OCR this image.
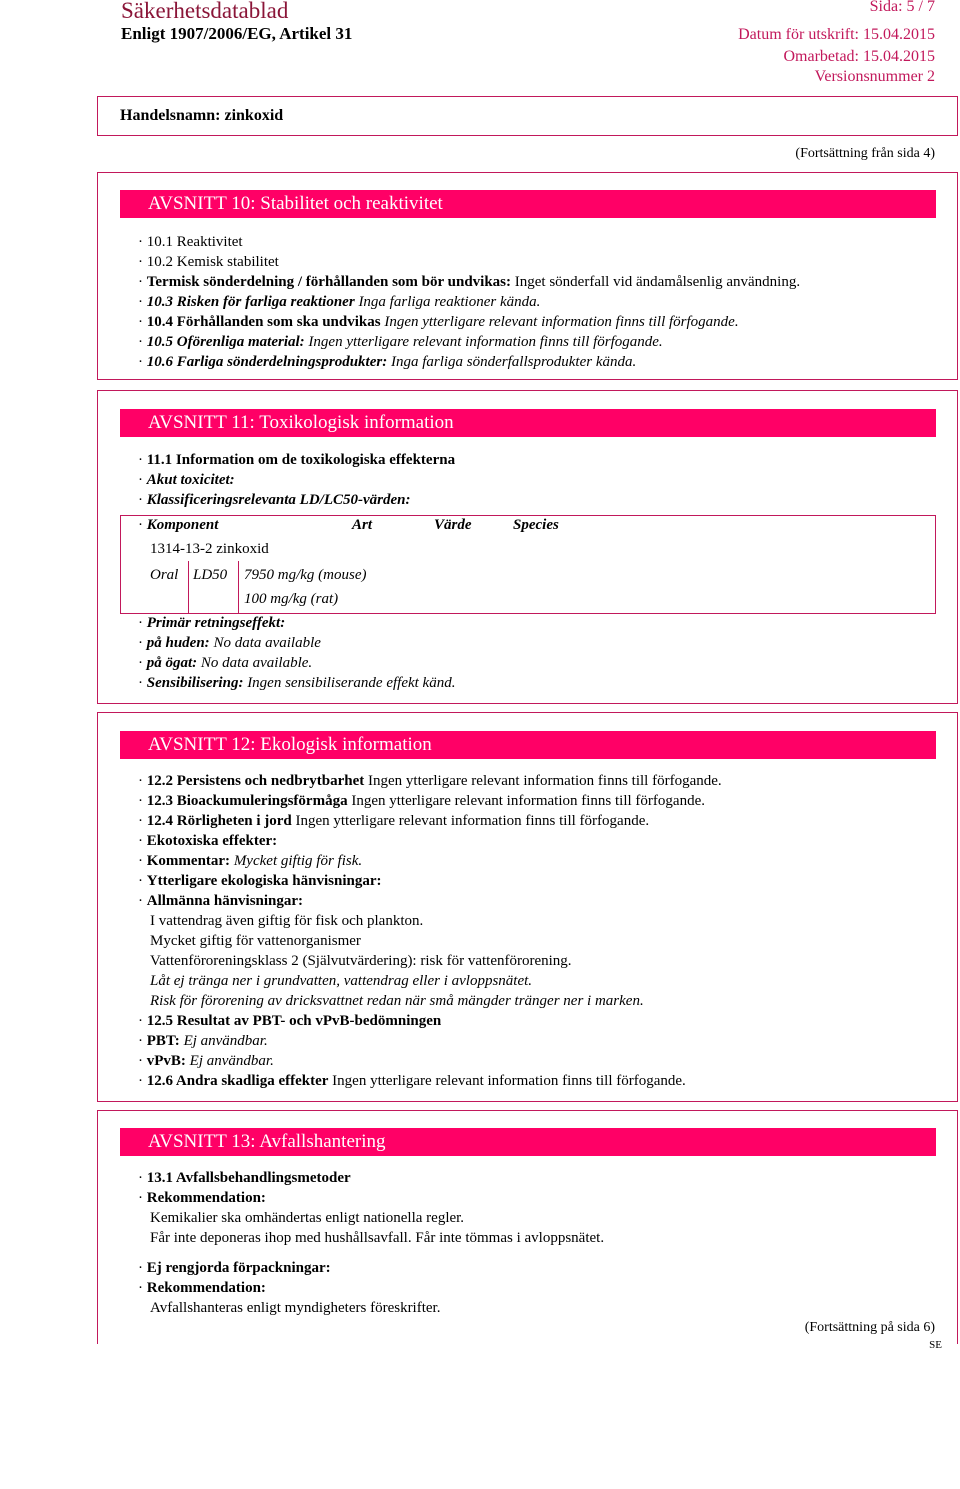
Säkerhetsdatablad	Sida: 5 / 7
Enligt 1907/2006/EG, Artikel 31	Datum för utskrift: 15.04.2015
Omarbetad: 15.04.2015
Versionsnummer 2
Handelsnamn: zinkoxid
(Fortsättning från sida 4)
AVSNITT 10: Stabilitet och reaktivitet
· 10.1 Reaktivitet
· 10.2 Kemisk stabilitet
· Termisk sönderdelning / förhållanden som bör undvikas: Inget sönderfall vid ändamålsenlig användning.
· 10.3 Risken för farliga reaktioner Inga farliga reaktioner kända.
· 10.4 Förhållanden som ska undvikas Ingen ytterligare relevant information finns till förfogande.
· 10.5 Oförenliga material: Ingen ytterligare relevant information finns till förfogande.
· 10.6 Farliga sönderdelningsprodukter: Inga farliga sönderfallsprodukter kända.
AVSNITT 11: Toxikologisk information
· 11.1 Information om de toxikologiska effekterna
· Akut toxicitet:
· Klassificeringsrelevanta LD/LC50-värden:
· Komponent	Art	Värde	Species
1314-13-2 zinkoxid
Oral LD50 7950 mg/kg (mouse)
100 mg/kg (rat)
· Primär retningseffekt:
· på huden: No data available
· på ögat: No data available.
· Sensibilisering: Ingen sensibiliserande effekt känd.
AVSNITT 12: Ekologisk information
· 12.2 Persistens och nedbrytbarhet Ingen ytterligare relevant information finns till förfogande.
· 12.3 Bioackumuleringsförmåga Ingen ytterligare relevant information finns till förfogande.
· 12.4 Rörligheten i jord Ingen ytterligare relevant information finns till förfogande.
· Ekotoxiska effekter:
· Kommentar: Mycket giftig för fisk.
· Ytterligare ekologiska hänvisningar:
· Allmänna hänvisningar:
I vattendrag även giftig för fisk och plankton.
Mycket giftig för vattenorganismer
Vattenföroreningsklass 2 (Självutvärdering): risk för vattenförorening.
Låt ej tränga ner i grundvatten, vattendrag eller i avloppsnätet.
Risk för förorening av dricksvattnet redan när små mängder tränger ner i marken.
· 12.5 Resultat av PBT- och vPvB-bedömningen
· PBT: Ej användbar.
· vPvB: Ej användbar.
· 12.6 Andra skadliga effekter Ingen ytterligare relevant information finns till förfogande.
AVSNITT 13: Avfallshantering
· 13.1 Avfallsbehandlingsmetoder
· Rekommendation:
Kemikalier ska omhändertas enligt nationella regler.
Får inte deponeras ihop med hushållsavfall. Får inte tömmas i avloppsnätet.
· Ej rengjorda förpackningar:
· Rekommendation:
Avfallshanteras enligt myndigheters föreskrifter.
(Fortsättning på sida 6)
SE
